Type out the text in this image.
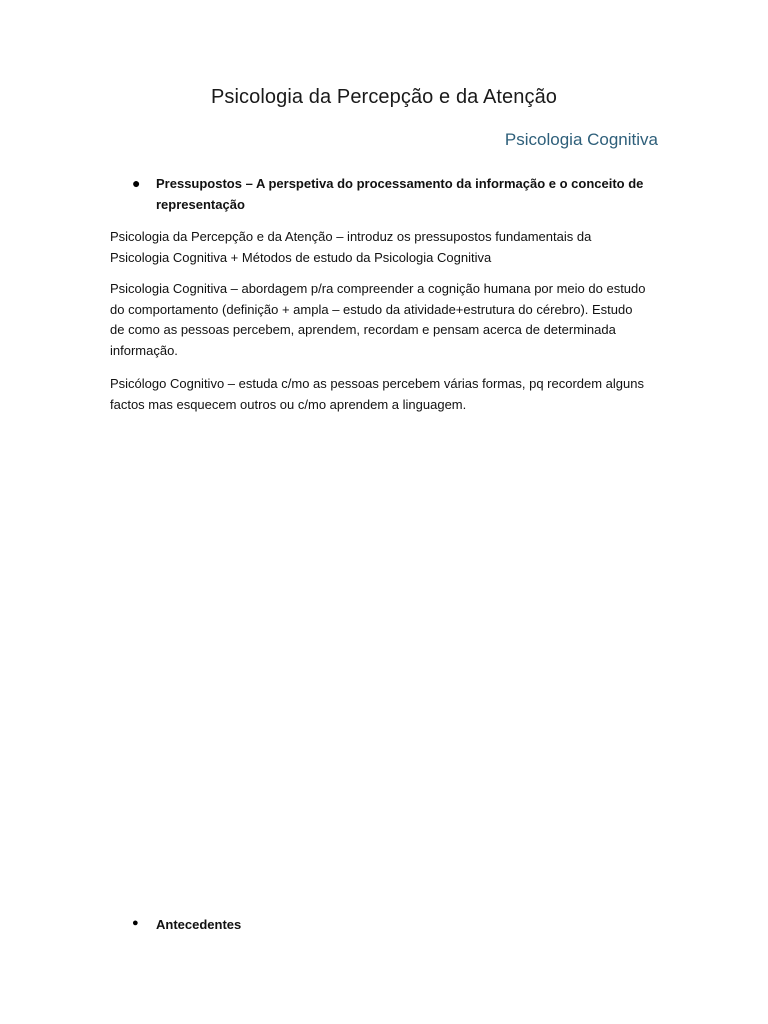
Psicologia da Percepção e da Atenção
Psicologia Cognitiva
● Pressupostos – A perspetiva do processamento da informação e o conceito de representação
Psicologia da Percepção e da Atenção – introduz os pressupostos fundamentais da Psicologia Cognitiva + Métodos de estudo da Psicologia Cognitiva
Psicologia Cognitiva – abordagem p/ra compreender a cognição humana por meio do estudo do comportamento (definição + ampla – estudo da atividade+estrutura do cérebro). Estudo de como as pessoas percebem, aprendem, recordam e pensam acerca de determinada informação.
Psicólogo Cognitivo – estuda c/mo as pessoas percebem várias formas, pq recordem alguns factos mas esquecem outros ou c/mo aprendem a linguagem.
● Antecedentes
